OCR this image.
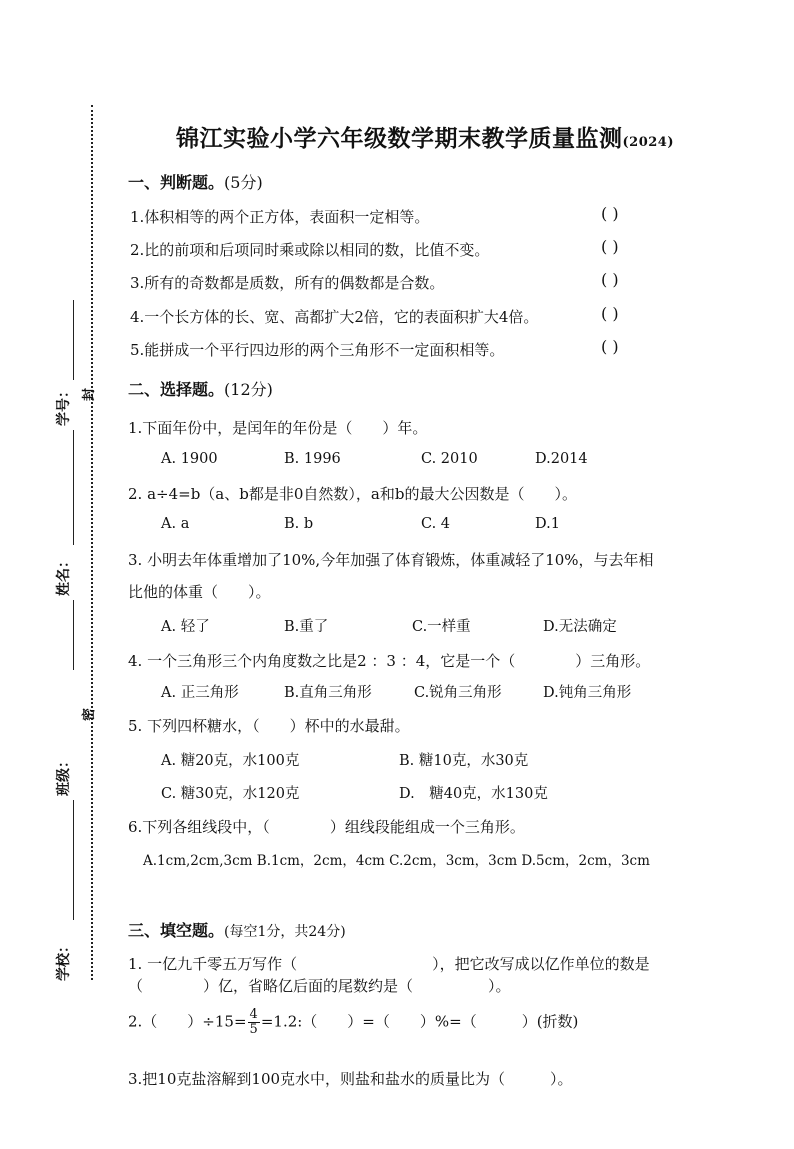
学号：
姓名：
班级：
学校：
封
密
锦江实验小学六年级数学期末教学质量监测(2024)
一、判断题。(5分)
1.体积相等的两个正方体，表面积一定相等。	( )
2.比的前项和后项同时乘或除以相同的数，比值不变。	( )
3.所有的奇数都是质数，所有的偶数都是合数。	( )
4.一个长方体的长、宽、高都扩大2倍，它的表面积扩大4倍。	( )
5.能拼成一个平行四边形的两个三角形不一定面积相等。	( )
二、选择题。(12分)
1.下面年份中，是闰年的年份是（　　）年。
A. 1900	B. 1996	C. 2010	D.2014
2. a÷4=b（a、b都是非0自然数），a和b的最大公因数是（　　）。
A. a	B. b	C. 4	D.1
3. 小明去年体重增加了10%,今年加强了体育锻炼，体重减轻了10%，与去年相
比他的体重（　　）。
A. 轻了	B.重了	C.一样重	D.无法确定
4. 一个三角形三个内角度数之比是2 ：3 ：4，它是一个（　　　　）三角形。
A. 正三角形	B.直角三角形	C.锐角三角形	D.钝角三角形
5. 下列四杯糖水，（　　）杯中的水最甜。
A. 糖20克，水100克	B. 糖10克，水30克
C. 糖30克，水120克	D.　糖40克，水130克
6.下列各组线段中，（　　　　）组线段能组成一个三角形。
A.1cm,2cm,3cm B.1cm，2cm，4cm C.2cm，3cm，3cm D.5cm，2cm，3cm
三、填空题。(每空1分，共24分)
1. 一亿九千零五万写作（　　　　　　　　　），把它改写成以亿作单位的数是
（　　　　）亿，省略亿后面的尾数约是（　　　　　）。
2.（　　）$\div 15= \frac{4}{5}$ =1.2:（　　）=（　　）%=（　　　）(折数)
3.把10克盐溶解到100克水中，则盐和盐水的质量比为（　　　）。
